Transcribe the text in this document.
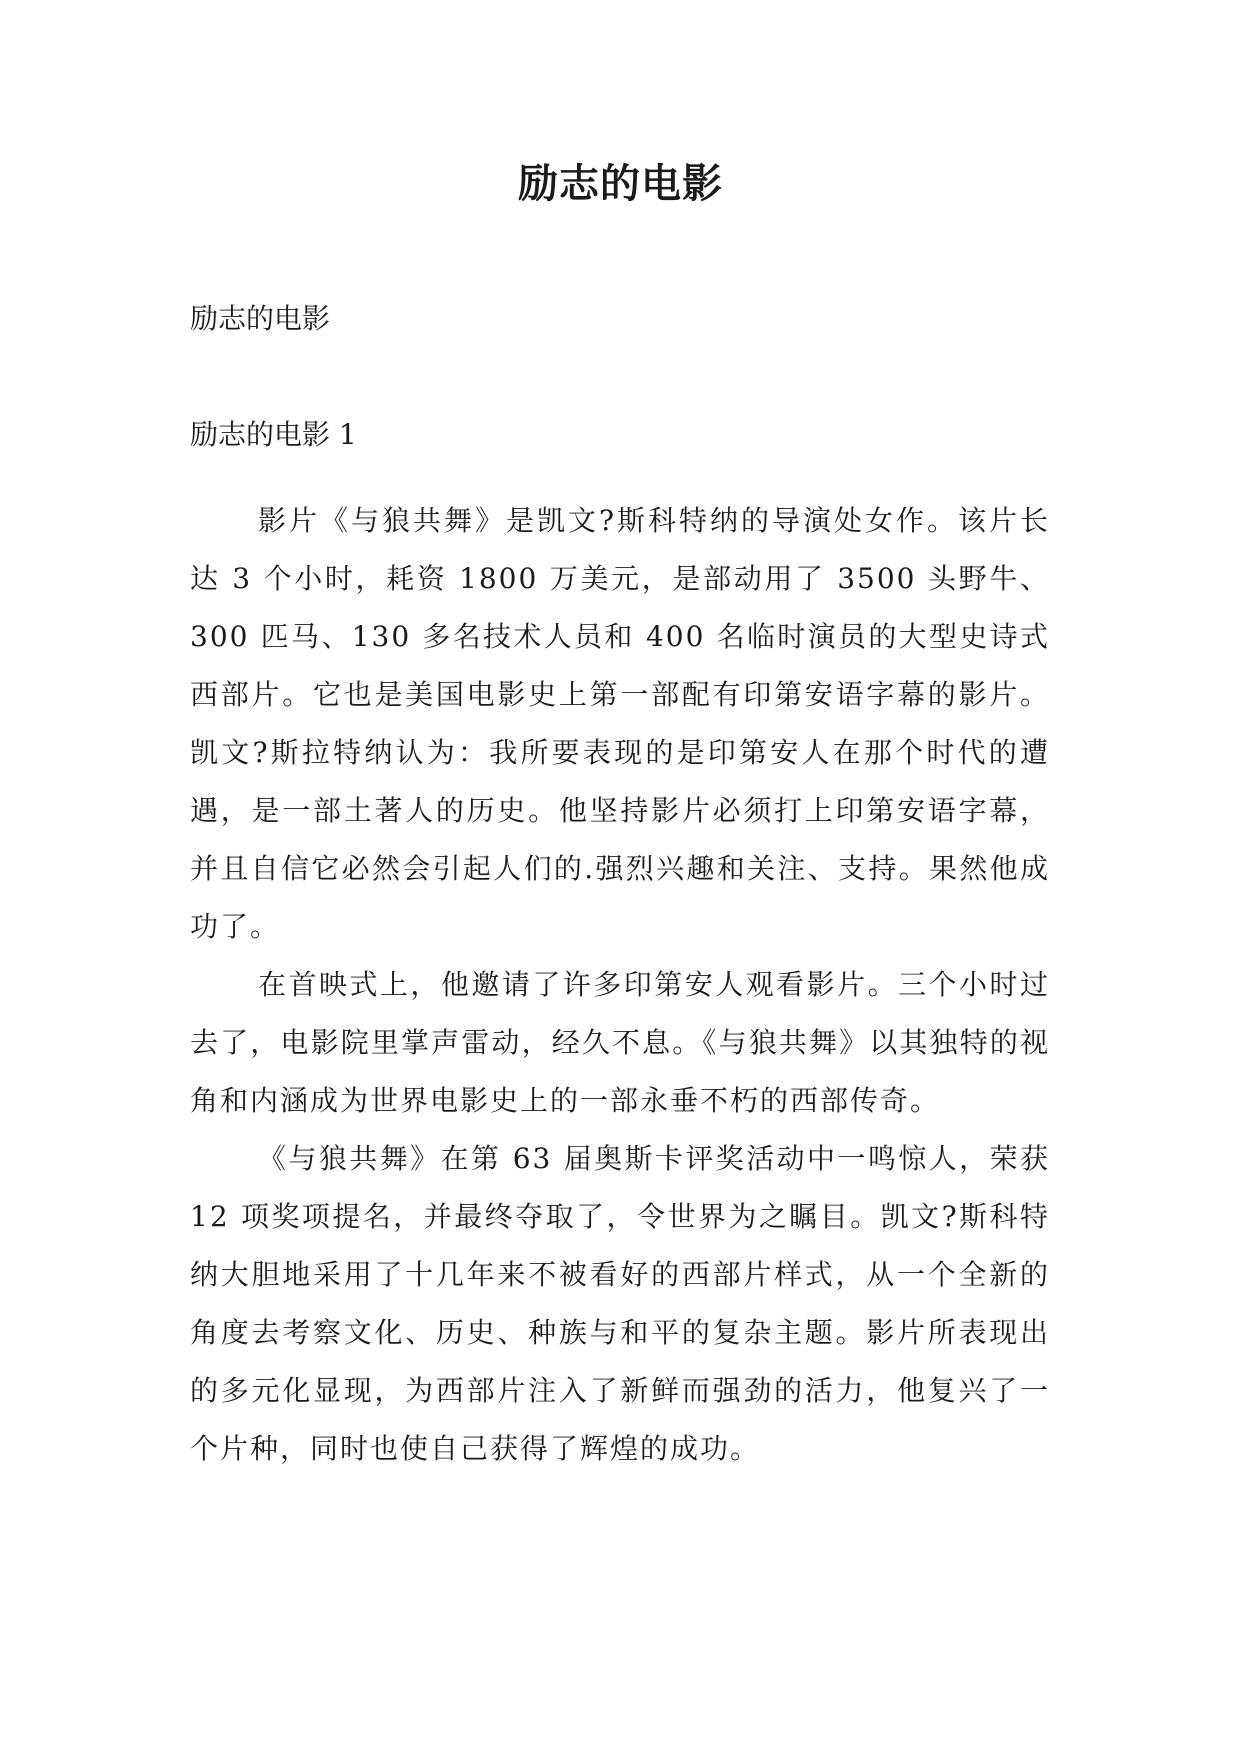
励志的电影

励志的电影

励志的电影 1

影片《与狼共舞》是凯文?斯科特纳的导演处女作。该片长达 3 个小时，耗资 1800 万美元，是部动用了 3500 头野牛、300 匹马、130 多名技术人员和 400 名临时演员的大型史诗式西部片。它也是美国电影史上第一部配有印第安语字幕的影片。凯文?斯拉特纳认为：我所要表现的是印第安人在那个时代的遭遇，是一部土著人的历史。他坚持影片必须打上印第安语字幕，并且自信它必然会引起人们的.强烈兴趣和关注、支持。果然他成功了。

在首映式上，他邀请了许多印第安人观看影片。三个小时过去了，电影院里掌声雷动，经久不息。《与狼共舞》以其独特的视角和内涵成为世界电影史上的一部永垂不朽的西部传奇。

《与狼共舞》在第 63 届奥斯卡评奖活动中一鸣惊人，荣获 12 项奖项提名，并最终夺取了，令世界为之瞩目。凯文?斯科特纳大胆地采用了十几年来不被看好的西部片样式，从一个全新的角度去考察文化、历史、种族与和平的复杂主题。影片所表现出的多元化显现，为西部片注入了新鲜而强劲的活力，他复兴了一个片种，同时也使自己获得了辉煌的成功。
